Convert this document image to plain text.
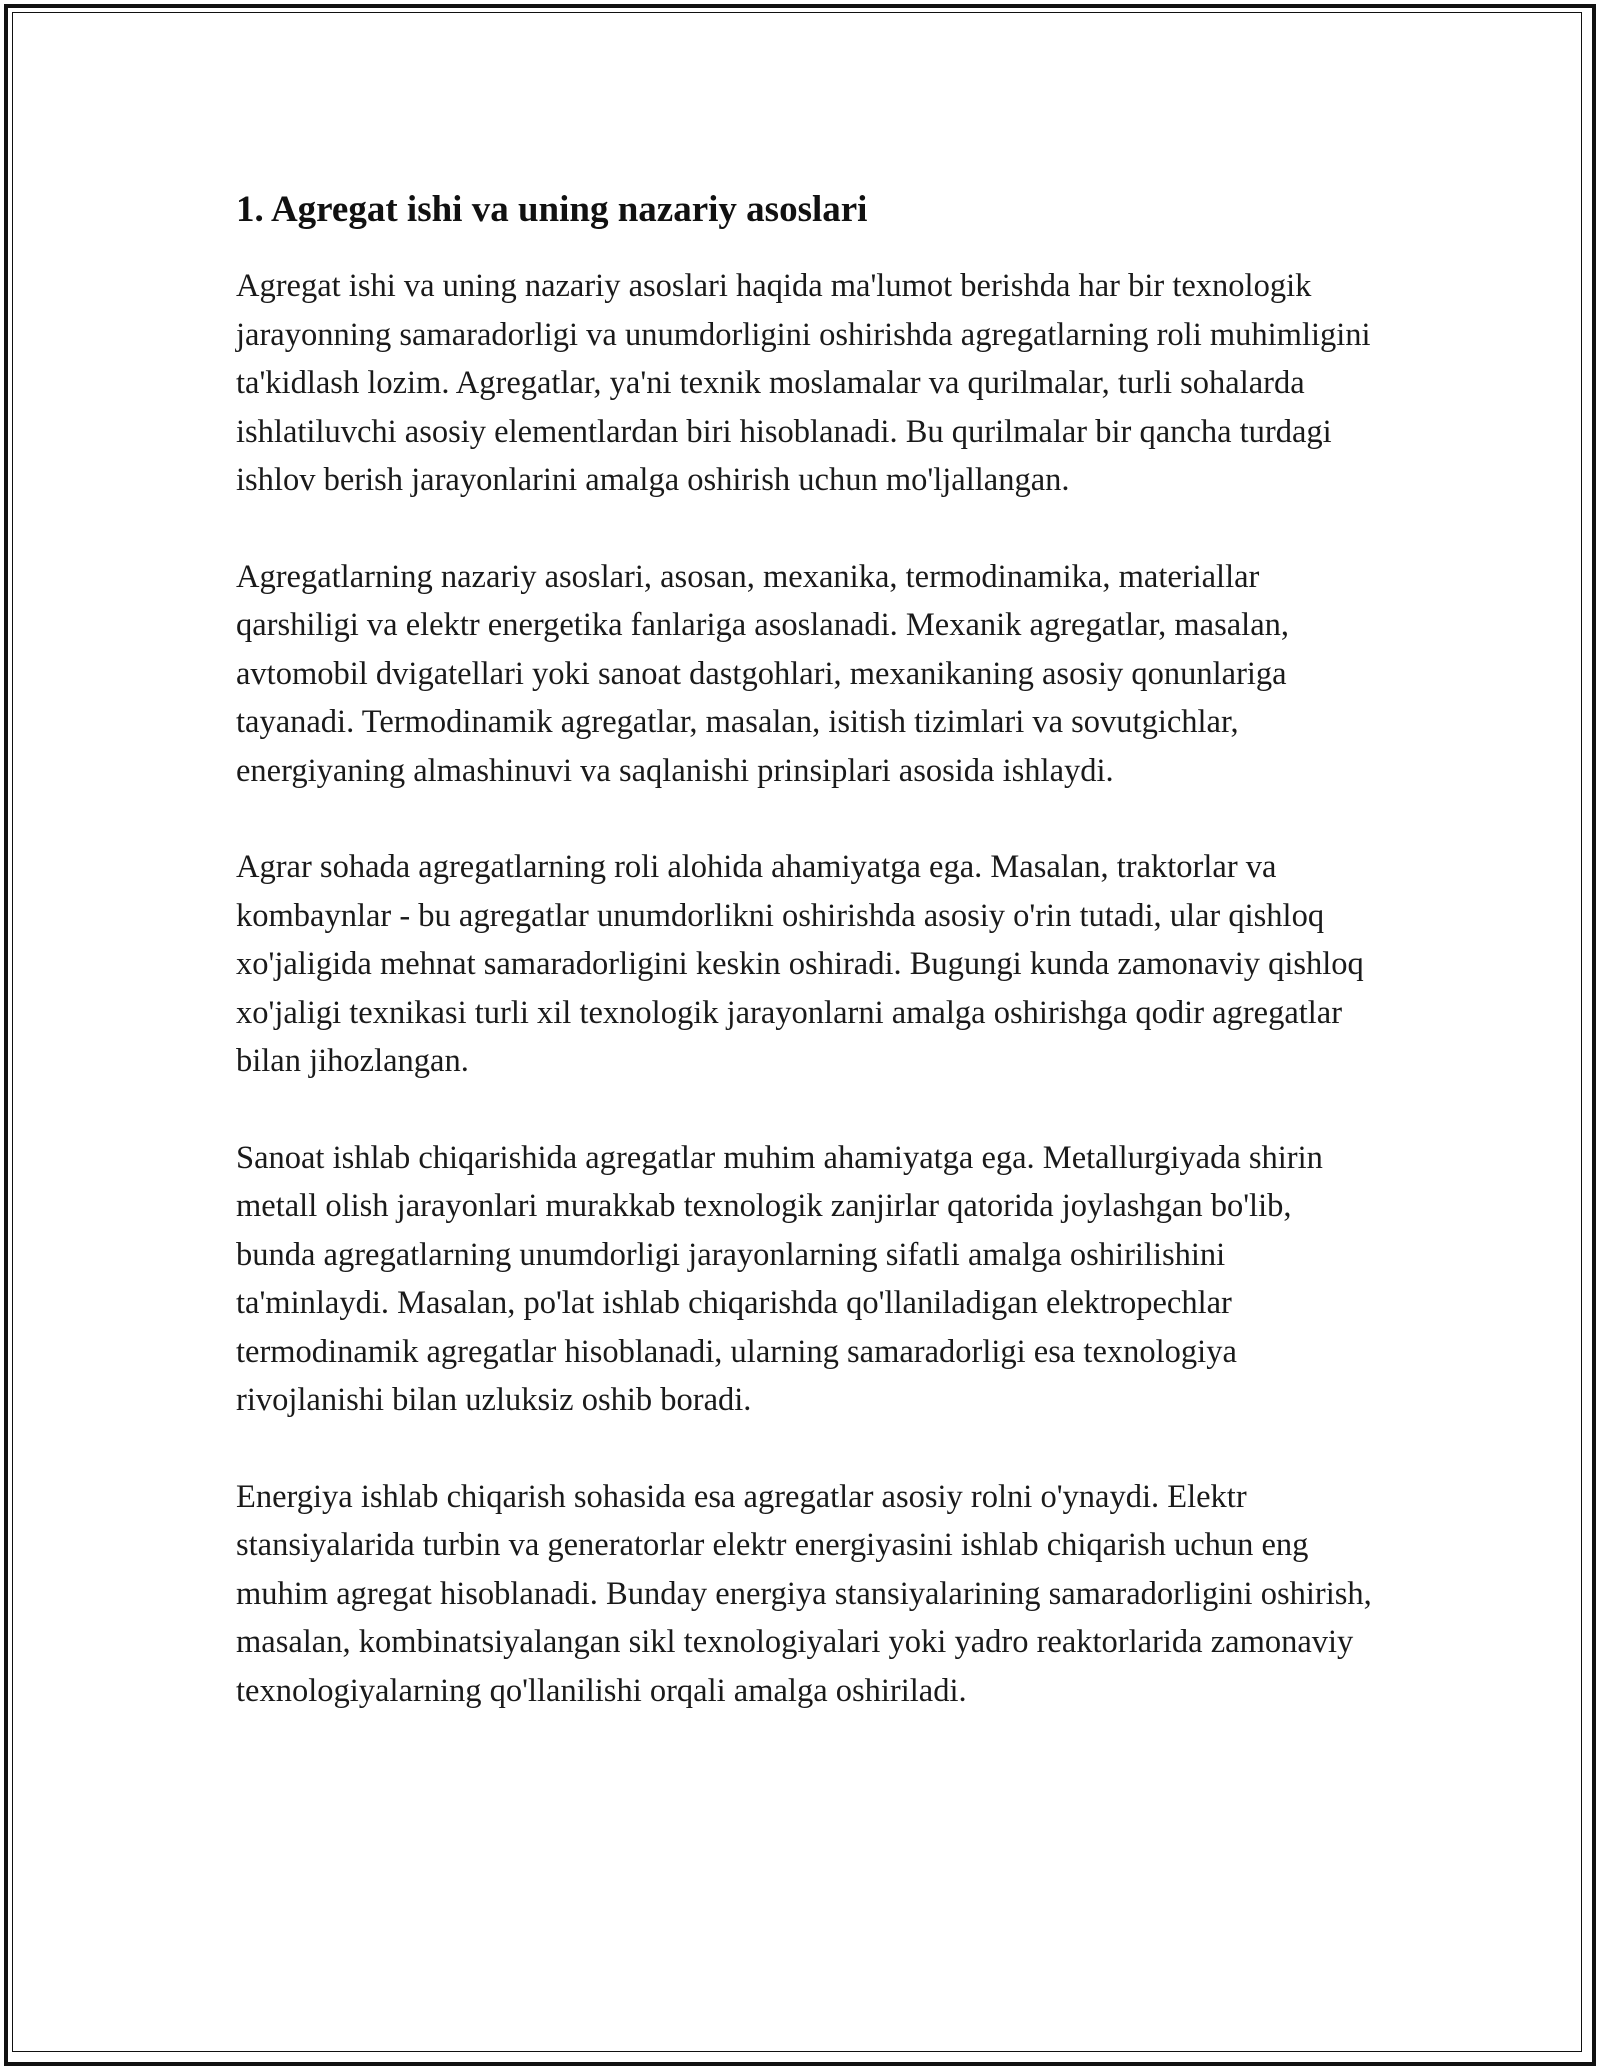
1. Agregat ishi va uning nazariy asoslari

Agregat ishi va uning nazariy asoslari haqida ma'lumot berishda har bir texnologik jarayonning samaradorligi va unumdorligini oshirishda agregatlarning roli muhimligini ta'kidlash lozim. Agregatlar, ya'ni texnik moslamalar va qurilmalar, turli sohalarda ishlatiluvchi asosiy elementlardan biri hisoblanadi. Bu qurilmalar bir qancha turdagi ishlov berish jarayonlarini amalga oshirish uchun mo'ljallangan.

Agregatlarning nazariy asoslari, asosan, mexanika, termodinamika, materiallar qarshiligi va elektr energetika fanlariga asoslanadi. Mexanik agregatlar, masalan, avtomobil dvigatellari yoki sanoat dastgohlari, mexanikaning asosiy qonunlariga tayanadi. Termodinamik agregatlar, masalan, isitish tizimlari va sovutgichlar, energiyaning almashinuvi va saqlanishi prinsiplari asosida ishlaydi.

Agrar sohada agregatlarning roli alohida ahamiyatga ega. Masalan, traktorlar va kombaynlar - bu agregatlar unumdorlikni oshirishda asosiy o'rin tutadi, ular qishloq xo'jaligida mehnat samaradorligini keskin oshiradi. Bugungi kunda zamonaviy qishloq xo'jaligi texnikasi turli xil texnologik jarayonlarni amalga oshirishga qodir agregatlar bilan jihozlangan.

Sanoat ishlab chiqarishida agregatlar muhim ahamiyatga ega. Metallurgiyada shirin metall olish jarayonlari murakkab texnologik zanjirlar qatorida joylashgan bo'lib, bunda agregatlarning unumdorligi jarayonlarning sifatli amalga oshirilishini ta'minlaydi. Masalan, po'lat ishlab chiqarishda qo'llaniladigan elektropechlar termodinamik agregatlar hisoblanadi, ularning samaradorligi esa texnologiya rivojlanishi bilan uzluksiz oshib boradi.

Energiya ishlab chiqarish sohasida esa agregatlar asosiy rolni o'ynaydi. Elektr stansiyalarida turbin va generatorlar elektr energiyasini ishlab chiqarish uchun eng muhim agregat hisoblanadi. Bunday energiya stansiyalarining samaradorligini oshirish, masalan, kombinatsiyalangan sikl texnologiyalari yoki yadro reaktorlarida zamonaviy texnologiyalarning qo'llanilishi orqali amalga oshiriladi.
